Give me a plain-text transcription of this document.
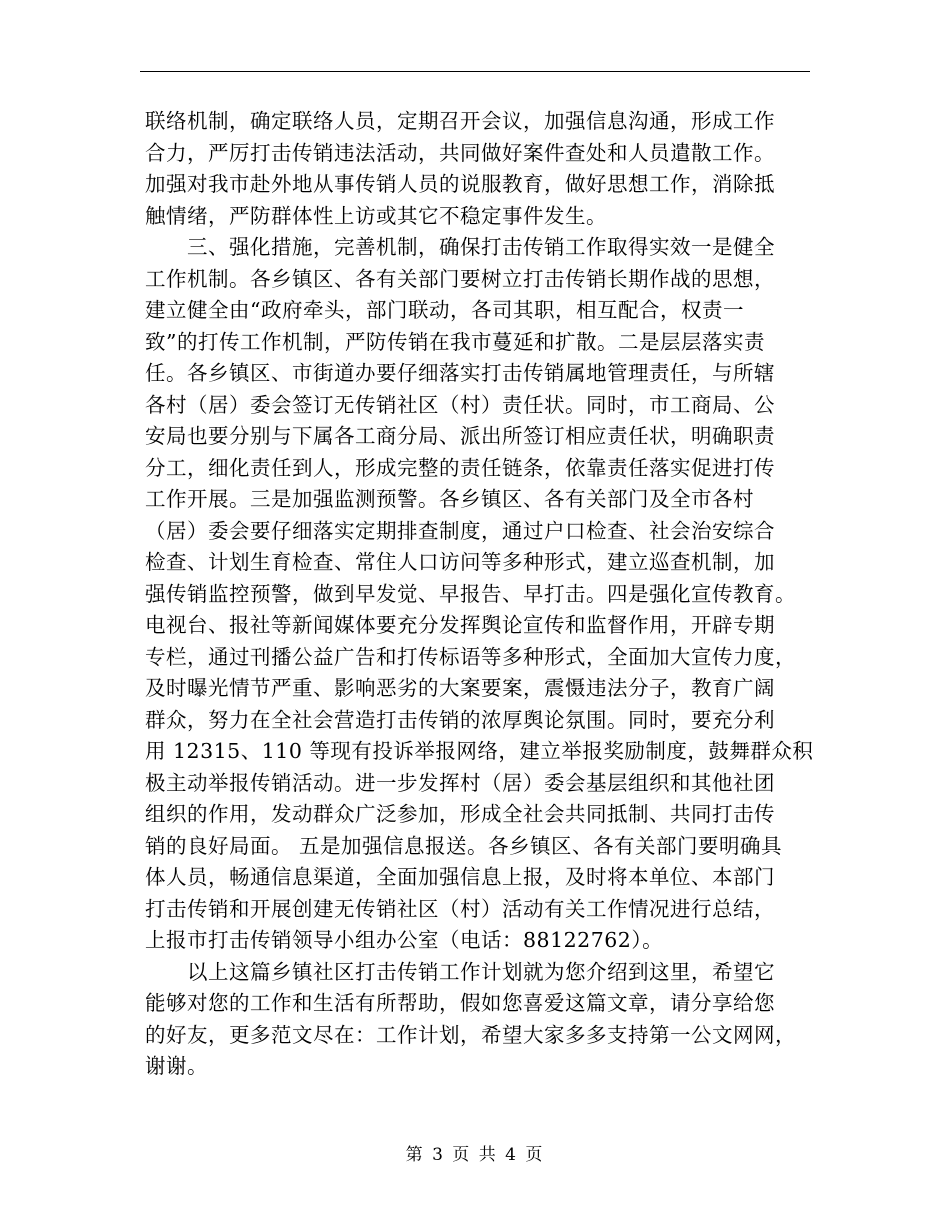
联络机制，确定联络人员，定期召开会议，加强信息沟通，形成工作
合力，严厉打击传销违法活动，共同做好案件查处和人员遣散工作。
加强对我市赴外地从事传销人员的说服教育，做好思想工作，消除抵
触情绪，严防群体性上访或其它不稳定事件发生。
三、强化措施，完善机制，确保打击传销工作取得实效一是健全
工作机制。各乡镇区、各有关部门要树立打击传销长期作战的思想，
建立健全由“政府牵头，部门联动，各司其职，相互配合，权责一
致”的打传工作机制，严防传销在我市蔓延和扩散。二是层层落实责
任。各乡镇区、市街道办要仔细落实打击传销属地管理责任，与所辖
各村（居）委会签订无传销社区（村）责任状。同时，市工商局、公
安局也要分别与下属各工商分局、派出所签订相应责任状，明确职责
分工，细化责任到人，形成完整的责任链条，依靠责任落实促进打传
工作开展。三是加强监测预警。各乡镇区、各有关部门及全市各村
（居）委会要仔细落实定期排查制度，通过户口检查、社会治安综合
检查、计划生育检查、常住人口访问等多种形式，建立巡查机制，加
强传销监控预警，做到早发觉、早报告、早打击。四是强化宣传教育。
电视台、报社等新闻媒体要充分发挥舆论宣传和监督作用，开辟专期
专栏，通过刊播公益广告和打传标语等多种形式，全面加大宣传力度，
及时曝光情节严重、影响恶劣的大案要案，震慑违法分子，教育广阔
群众，努力在全社会营造打击传销的浓厚舆论氛围。同时，要充分利
用 12315、110 等现有投诉举报网络，建立举报奖励制度，鼓舞群众积
极主动举报传销活动。进一步发挥村（居）委会基层组织和其他社团
组织的作用，发动群众广泛参加，形成全社会共同抵制、共同打击传
销的良好局面。 五是加强信息报送。各乡镇区、各有关部门要明确具
体人员，畅通信息渠道，全面加强信息上报，及时将本单位、本部门
打击传销和开展创建无传销社区（村）活动有关工作情况进行总结，
上报市打击传销领导小组办公室（电话：88122762）。
以上这篇乡镇社区打击传销工作计划就为您介绍到这里，希望它
能够对您的工作和生活有所帮助，假如您喜爱这篇文章，请分享给您
的好友，更多范文尽在：工作计划，希望大家多多支持第一公文网网，
谢谢。
第 3 页 共 4 页
